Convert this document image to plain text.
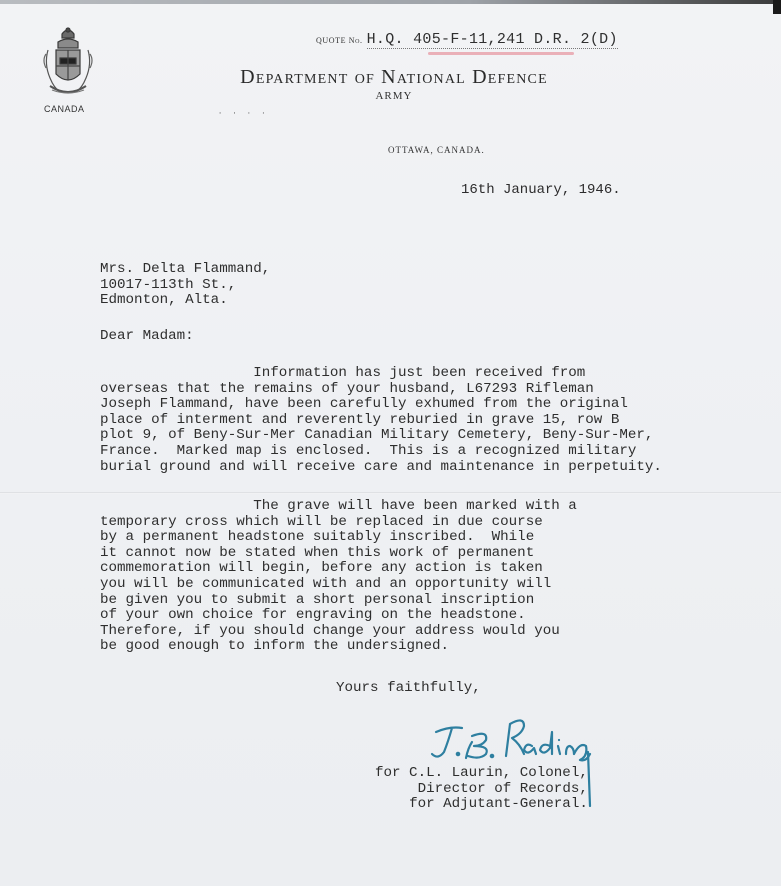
CANADA
QUOTE No. H.Q. 405-F-11,241 D.R. 2(D)
Department of National Defence
ARMY
· · · ·
OTTAWA, CANADA.
16th January, 1946.
Mrs. Delta Flammand,
10017-113th St.,
Edmonton, Alta.
Dear Madam:
Information has just been received from
overseas that the remains of your husband, L67293 Rifleman
Joseph Flammand, have been carefully exhumed from the original
place of interment and reverently reburied in grave 15, row B
plot 9, of Beny-Sur-Mer Canadian Military Cemetery, Beny-Sur-Mer,
France.  Marked map is enclosed.  This is a recognized military
burial ground and will receive care and maintenance in perpetuity.
The grave will have been marked with a
temporary cross which will be replaced in due course
by a permanent headstone suitably inscribed.  While
it cannot now be stated when this work of permanent
commemoration will begin, before any action is taken
you will be communicated with and an opportunity will
be given you to submit a short personal inscription
of your own choice for engraving on the headstone.
Therefore, if you should change your address would you
be good enough to inform the undersigned.
Yours faithfully,
for C.L. Laurin, Colonel,
Director of Records,
for Adjutant-General.
